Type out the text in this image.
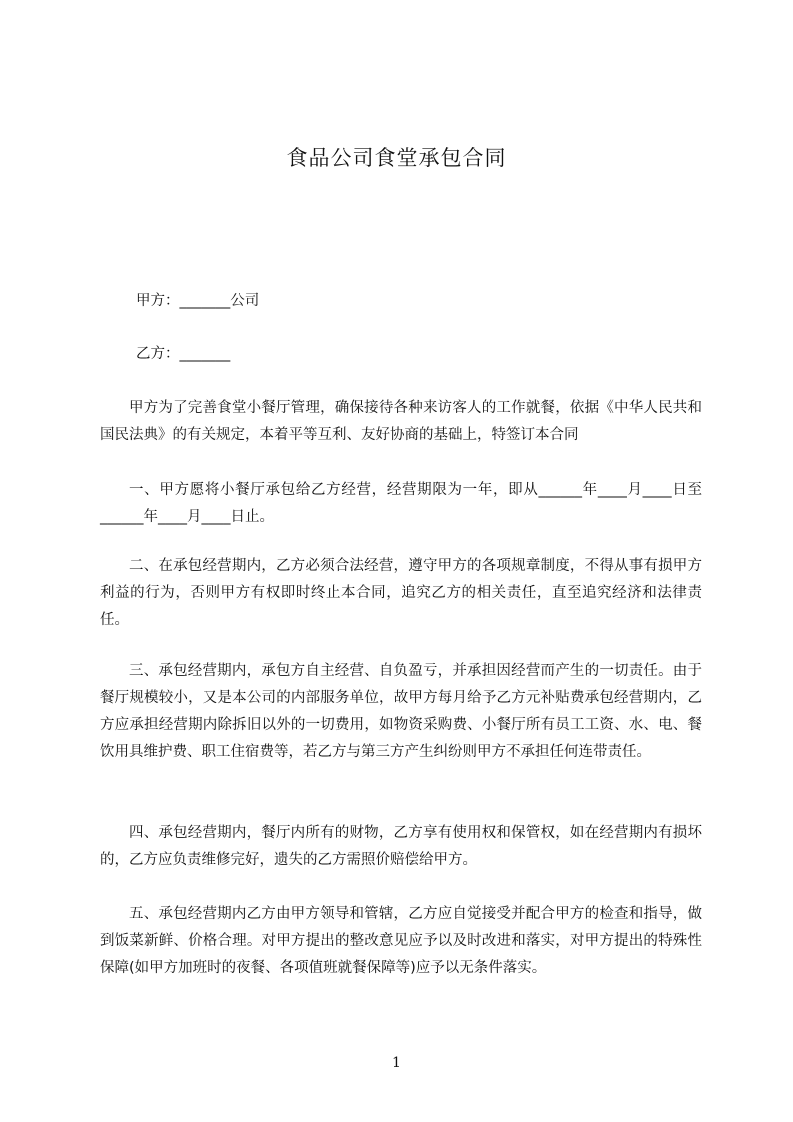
食品公司食堂承包合同

甲方：_______公司

乙方：_______

甲方为了完善食堂小餐厅管理，确保接待各种来访客人的工作就餐，依据《中华人民共和国民法典》的有关规定，本着平等互利、友好协商的基础上，特签订本合同

一、甲方愿将小餐厅承包给乙方经营，经营期限为一年，即从______年____月____日至______年____月____日止。

二、在承包经营期内，乙方必须合法经营，遵守甲方的各项规章制度，不得从事有损甲方利益的行为，否则甲方有权即时终止本合同，追究乙方的相关责任，直至追究经济和法律责任。

三、承包经营期内，承包方自主经营、自负盈亏，并承担因经营而产生的一切责任。由于餐厅规模较小，又是本公司的内部服务单位，故甲方每月给予乙方元补贴费承包经营期内，乙方应承担经营期内除拆旧以外的一切费用，如物资采购费、小餐厅所有员工工资、水、电、餐饮用具维护费、职工住宿费等，若乙方与第三方产生纠纷则甲方不承担任何连带责任。

四、承包经营期内，餐厅内所有的财物，乙方享有使用权和保管权，如在经营期内有损坏的，乙方应负责维修完好，遗失的乙方需照价赔偿给甲方。

五、承包经营期内乙方由甲方领导和管辖，乙方应自觉接受并配合甲方的检查和指导，做到饭菜新鲜、价格合理。对甲方提出的整改意见应予以及时改进和落实，对甲方提出的特殊性保障(如甲方加班时的夜餐、各项值班就餐保障等)应予以无条件落实。

1
